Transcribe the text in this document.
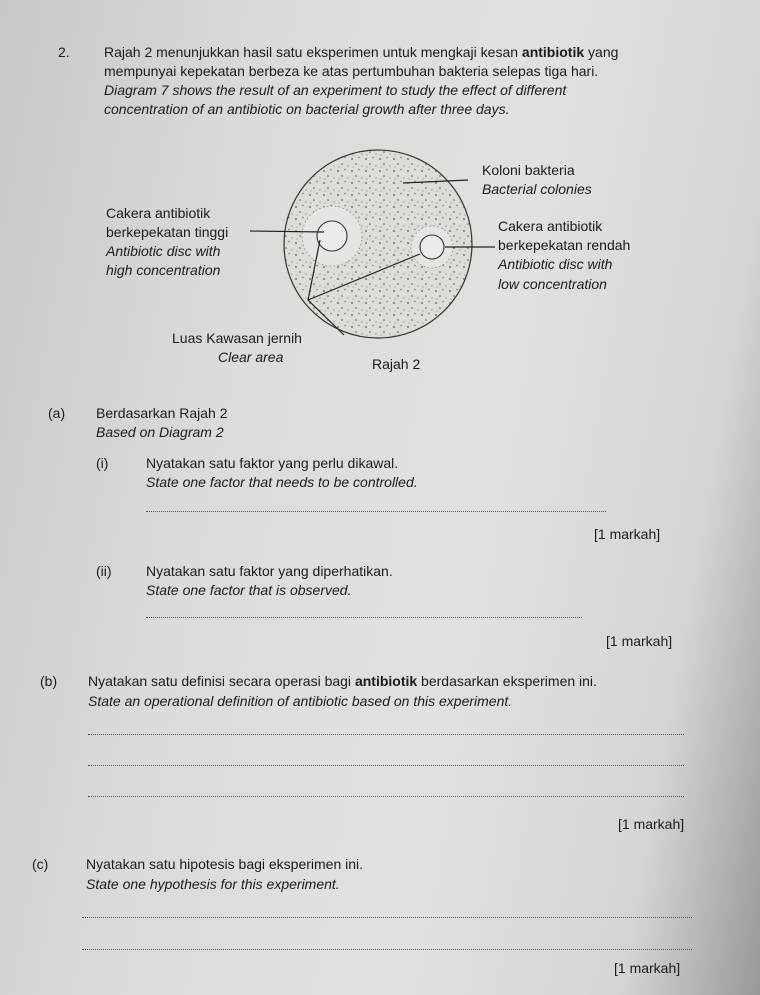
2. Rajah 2 menunjukkan hasil satu eksperimen untuk mengkaji kesan antibiotik yang
mempunyai kepekatan berbeza ke atas pertumbuhan bakteria selepas tiga hari.
Diagram 7 shows the result of an experiment to study the effect of different
concentration of an antibiotic on bacterial growth after three days.
Koloni bakteria
Bacterial colonies
Cakera antibiotik
berkepekatan tinggi
Antibiotic disc with
high concentration
Cakera antibiotik
berkepekatan rendah
Antibiotic disc with
low concentration
Luas Kawasan jernih
Clear area	Rajah 2
(a) Berdasarkan Rajah 2
Based on Diagram 2
(i)	Nyatakan satu faktor yang perlu dikawal.
State one factor that needs to be controlled.
[1 markah]
(ii) Nyatakan satu faktor yang diperhatikan.
State one factor that is observed.
[1 markah]
(b) Nyatakan satu definisi secara operasi bagi antibiotik berdasarkan eksperimen ini.
State an operational definition of antibiotic based on this experiment.
[1 markah]
(c)	Nyatakan satu hipotesis bagi eksperimen ini.
State one hypothesis for this experiment.
[1 markah]
